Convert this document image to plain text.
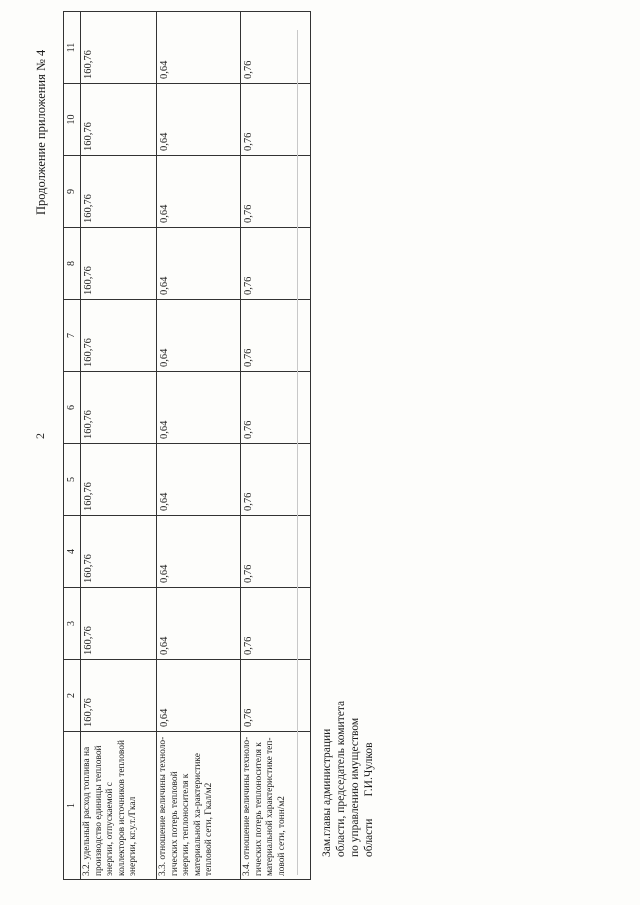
2
Продолжение приложения № 4
1	2	3	4	5	6	7	8	9	10	11
3.2. удельный расход топлива на производство единицы тепловой энергии, отпускаемой с коллекторов источников тепловой энергии, кг.у.т./Гкал	160,76	160,76	160,76	160,76	160,76	160,76	160,76	160,76	160,76	160,76
3.3. отношение величины техноло-гических потерь тепловой энергии, теплоносителя к материальной ха-рактеристике тепловой сети, Гкал/м2	0,64	0,64	0,64	0,64	0,64	0,64	0,64	0,64	0,64	0,64
3.4. отношение величины техноло-гических потерь теплоносителя к материальной характеристике теп-ловой сети, тонн/м2	0,76	0,76	0,76	0,76	0,76	0,76	0,76	0,76	0,76	0,76
Зам.главы администрации области, председатель комитета по управлению имуществом областиГ.И.Чулков
